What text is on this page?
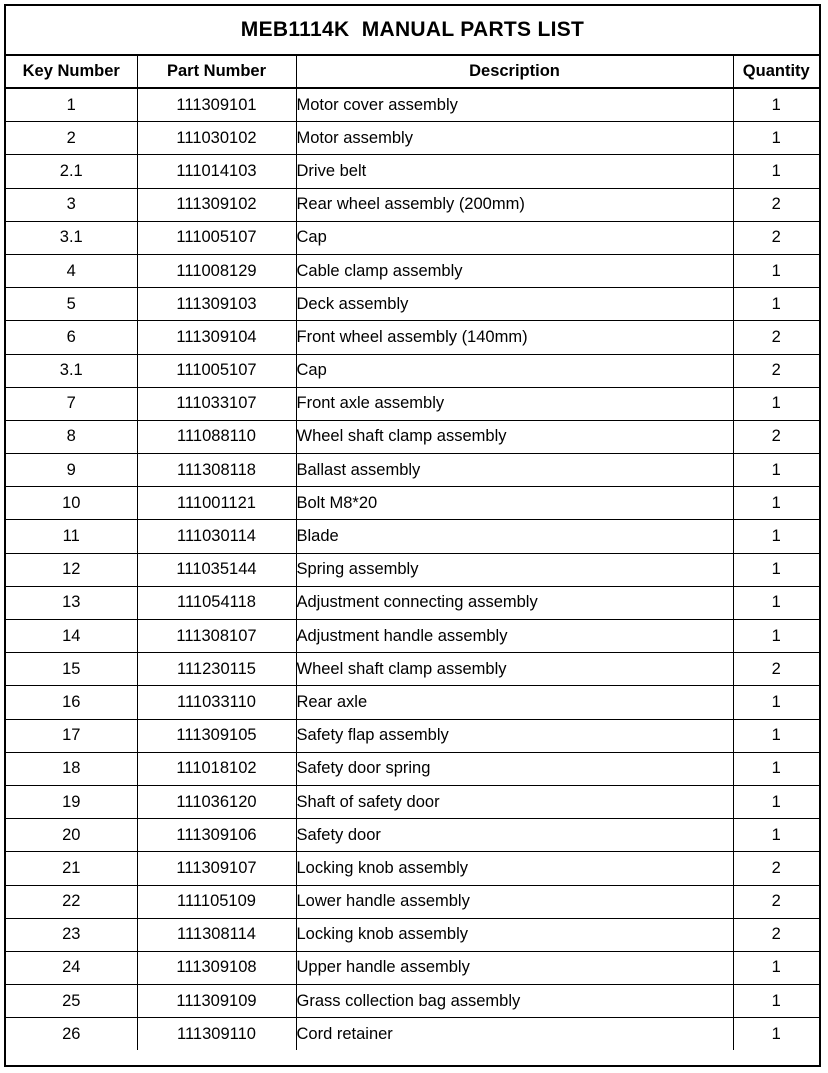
MEB1114K  MANUAL PARTS LIST
Key Number	Part Number	Description	Quantity
1	111309101	Motor cover assembly	1
2	111030102	Motor assembly	1
2.1	111014103	Drive belt	1
3	111309102	Rear wheel assembly (200mm)	2
3.1	111005107	Cap	2
4	111008129	Cable clamp assembly	1
5	111309103	Deck assembly	1
6	111309104	Front wheel assembly (140mm)	2
3.1	111005107	Cap	2
7	111033107	Front axle assembly	1
8	111088110	Wheel shaft clamp assembly	2
9	111308118	Ballast assembly	1
10	111001121	Bolt M8*20	1
11	111030114	Blade	1
12	111035144	Spring assembly	1
13	111054118	Adjustment connecting assembly	1
14	111308107	Adjustment handle assembly	1
15	111230115	Wheel shaft clamp assembly	2
16	111033110	Rear axle	1
17	111309105	Safety flap assembly	1
18	111018102	Safety door spring	1
19	111036120	Shaft of safety door	1
20	111309106	Safety door	1
21	111309107	Locking knob assembly	2
22	111105109	Lower handle assembly	2
23	111308114	Locking knob assembly	2
24	111309108	Upper handle assembly	1
25	111309109	Grass collection bag assembly	1
26	111309110	Cord retainer	1
